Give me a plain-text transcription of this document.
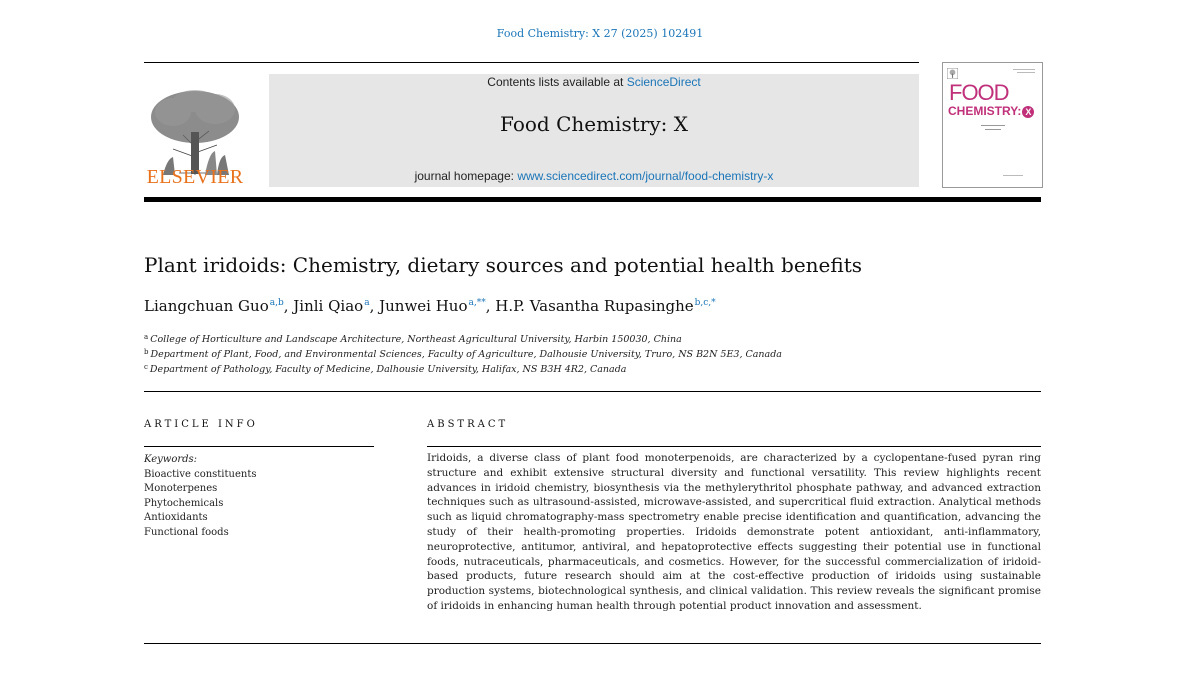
Food Chemistry: X 27 (2025) 102491
ELSEVIER
Contents lists available at ScienceDirect
Food Chemistry: X
journal homepage: www.sciencedirect.com/journal/food-chemistry-x
FOOD
CHEMISTRY: X
Plant iridoids: Chemistry, dietary sources and potential health benefits
Liangchuan Guo$^{a,b}$, Jinli Qiao$^a$, Junwei Huo$^{a,**}$, H.P. Vasantha Rupasinghe$^{b,c,*}$
$^a$ College of Horticulture and Landscape Architecture, Northeast Agricultural University, Harbin 150030, China
$^b$ Department of Plant, Food, and Environmental Sciences, Faculty of Agriculture, Dalhousie University, Truro, NS B2N 5E3, Canada
$^c$ Department of Pathology, Faculty of Medicine, Dalhousie University, Halifax, NS B3H 4R2, Canada
ARTICLE INFO
Keywords:
Bioactive constituents
Monoterpenes
Phytochemicals
Antioxidants
Functional foods
ABSTRACT
Iridoids, a diverse class of plant food monoterpenoids, are characterized by a cyclopentane-fused pyran ring structure and exhibit extensive structural diversity and functional versatility. This review highlights recent advances in iridoid chemistry, biosynthesis via the methylerythritol phosphate pathway, and advanced extraction techniques such as ultrasound-assisted, microwave-assisted, and supercritical fluid extraction. Analytical methods such as liquid chromatography-mass spectrometry enable precise identification and quantification, advancing the study of their health-promoting properties. Iridoids demonstrate potent antioxidant, anti-inflammatory, neuroprotective, antitumor, antiviral, and hepatoprotective effects suggesting their potential use in functional foods, nutraceuticals, pharmaceuticals, and cosmetics. However, for the successful commercialization of iridoid-based products, future research should aim at the cost-effective production of iridoids using sustainable production systems, biotechnological synthesis, and clinical validation. This review reveals the significant promise of iridoids in enhancing human health through potential product innovation and assessment.
